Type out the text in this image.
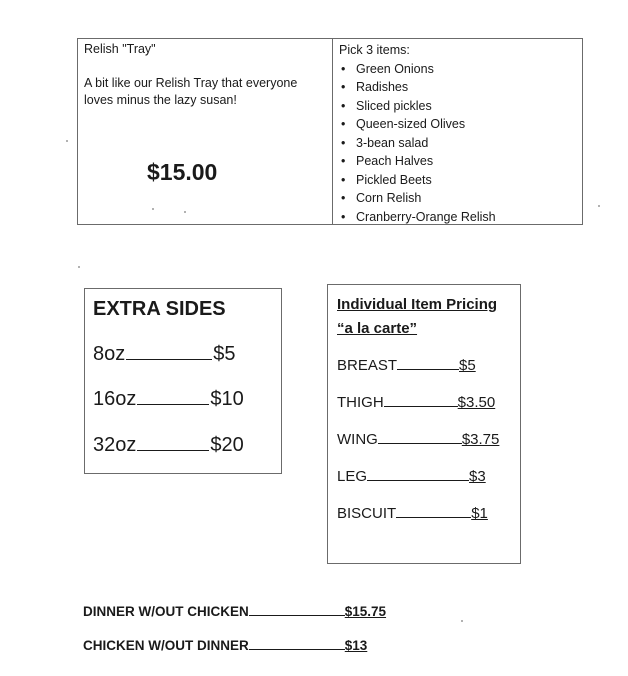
Relish "Tray"
A bit like our Relish Tray that everyone loves minus the lazy susan!
$15.00
Pick 3 items:
• Green Onions
• Radishes
• Sliced pickles
• Queen-sized Olives
• 3-bean salad
• Peach Halves
• Pickled Beets
• Corn Relish
• Cranberry-Orange Relish
EXTRA SIDES
8oz	$5
16oz	$10
32oz	$20
Individual Item Pricing
“a la carte”
BREAST	$5
THIGH	$3.50
WING	$3.75
LEG	$3
BISCUIT	$1
DINNER W/OUT CHICKEN	$15.75
CHICKEN W/OUT DINNER	$13
